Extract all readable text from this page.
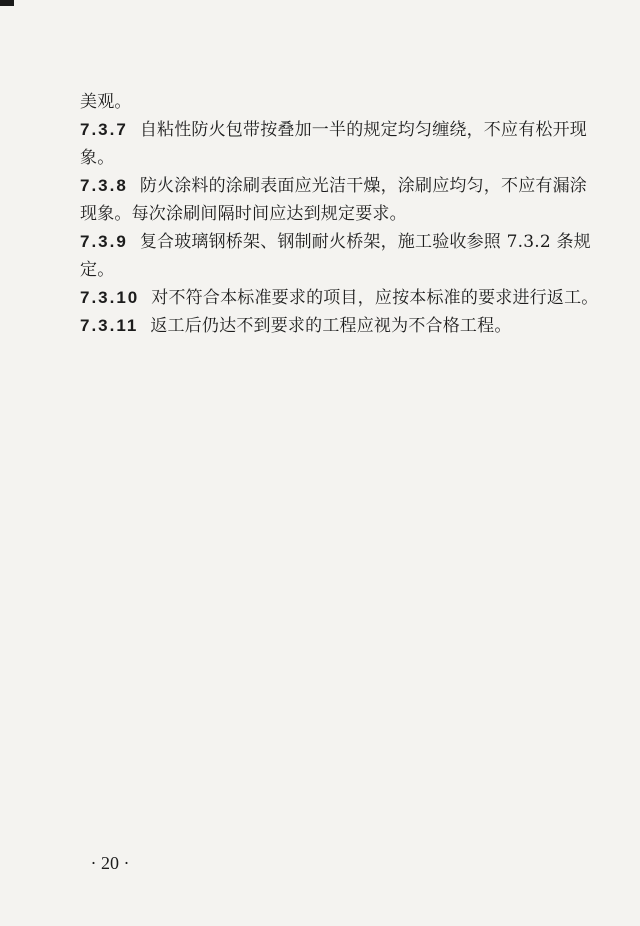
美观。
7.3.7 自粘性防火包带按叠加一半的规定均匀缠绕，不应有松开现
象。
7.3.8 防火涂料的涂刷表面应光洁干燥，涂刷应均匀，不应有漏涂
现象。每次涂刷间隔时间应达到规定要求。
7.3.9 复合玻璃钢桥架、钢制耐火桥架，施工验收参照 7.3.2 条规
定。
7.3.10 对不符合本标准要求的项目，应按本标准的要求进行返工。
7.3.11 返工后仍达不到要求的工程应视为不合格工程。
· 20 ·
